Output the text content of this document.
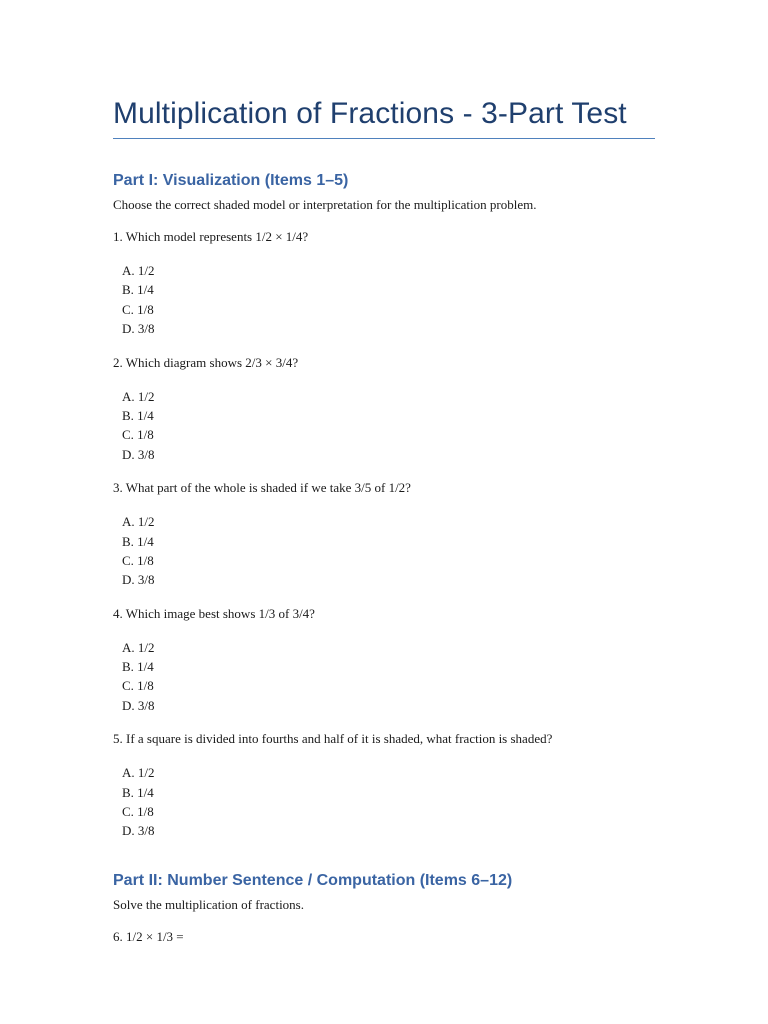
Multiplication of Fractions - 3-Part Test
Part I: Visualization (Items 1–5)

Choose the correct shaded model or interpretation for the multiplication problem.

1. Which model represents 1/2 × 1/4?

A. 1/2
B. 1/4
C. 1/8
D. 3/8

2. Which diagram shows 2/3 × 3/4?

A. 1/2
B. 1/4
C. 1/8
D. 3/8

3. What part of the whole is shaded if we take 3/5 of 1/2?

A. 1/2
B. 1/4
C. 1/8
D. 3/8

4. Which image best shows 1/3 of 3/4?

A. 1/2
B. 1/4
C. 1/8
D. 3/8

5. If a square is divided into fourths and half of it is shaded, what fraction is shaded?

A. 1/2
B. 1/4
C. 1/8
D. 3/8
Part II: Number Sentence / Computation (Items 6–12)

Solve the multiplication of fractions.

6. 1/2 × 1/3 =
